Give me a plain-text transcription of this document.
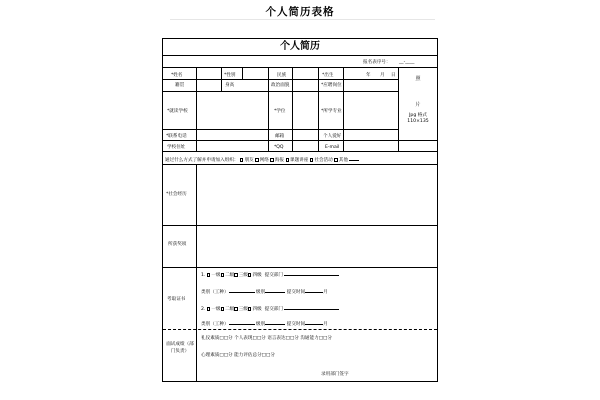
个人简历表格
个人简历
报名表序号： __-____
照
片
Jpg 格式
110×135
*姓名	*性别	民族	*出生	年 月 日
籍贯	身高	政治面貌	*应聘岗位
*就读学校	*学位	*所学专业
*联系电话	邮箱	个人爱好
学校住址	*QQ	E-mail
通过什么方式了解并申请加入组织： 朋友 网络 海报 课题讲座 社会活动 其他
*社会经历
所获奖项
考取证书
1. 一级 二级 三级 四级 提交部门
类别（工种）	级别	提交时间	月
2. 一级 二级 三级 四级 提交部门
类别（工种）	级别	提交时间	月
面试成绩（部门负责）
礼仪素质□□分 个人表现□□分 语言表达□□分 沟通能力□□分
心理素质□□分 能力评估总分□□分
录用部门签字
